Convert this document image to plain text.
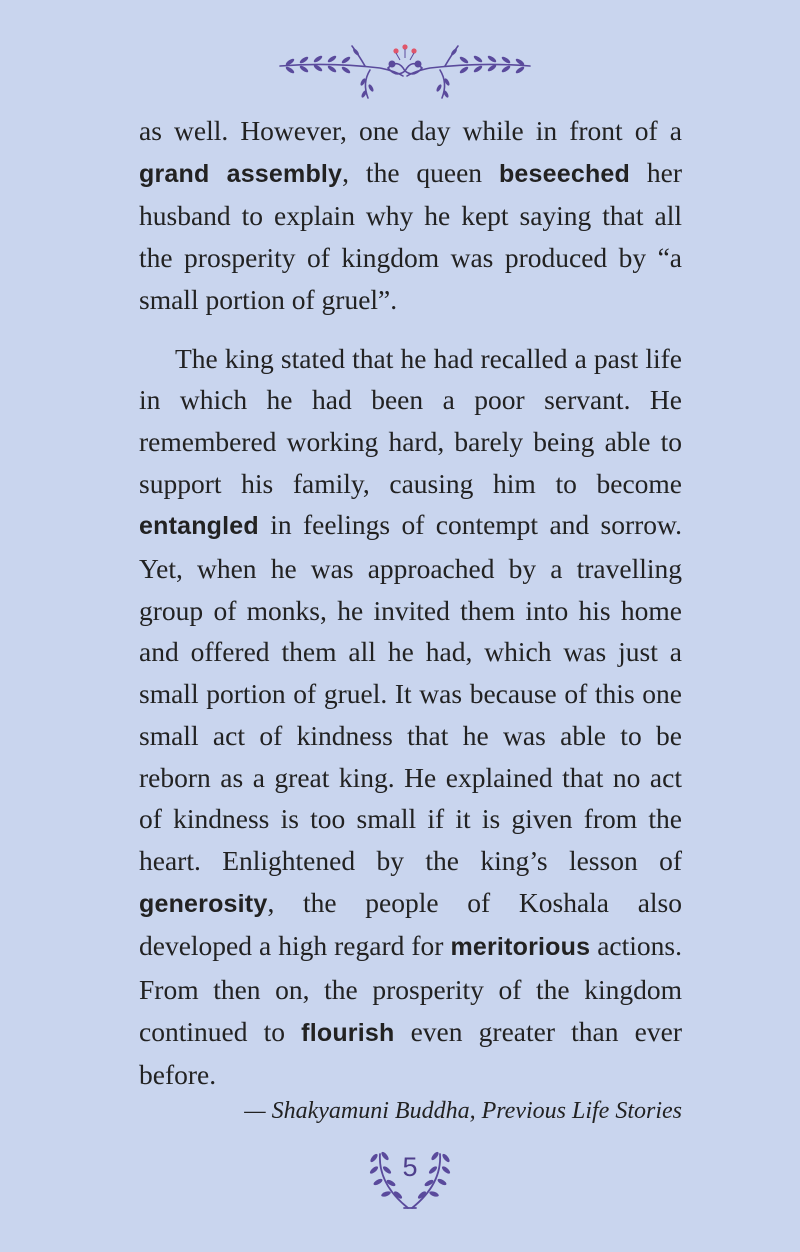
as well. However, one day while in front of a grand assembly, the queen beseeched her husband to explain why he kept saying that all the prosperity of kingdom was produced by “a small portion of gruel”.

The king stated that he had recalled a past life in which he had been a poor servant. He remembered working hard, barely being able to support his family, causing him to become entangled in feelings of contempt and sorrow. Yet, when he was approached by a travelling group of monks, he invited them into his home and offered them all he had, which was just a small portion of gruel. It was because of this one small act of kindness that he was able to be reborn as a great king. He explained that no act of kindness is too small if it is given from the heart. Enlightened by the king’s lesson of generosity, the people of Koshala also developed a high regard for meritorious actions. From then on, the prosperity of the kingdom continued to flourish even greater than ever before.

— Shakyamuni Buddha, Previous Life Stories
5
